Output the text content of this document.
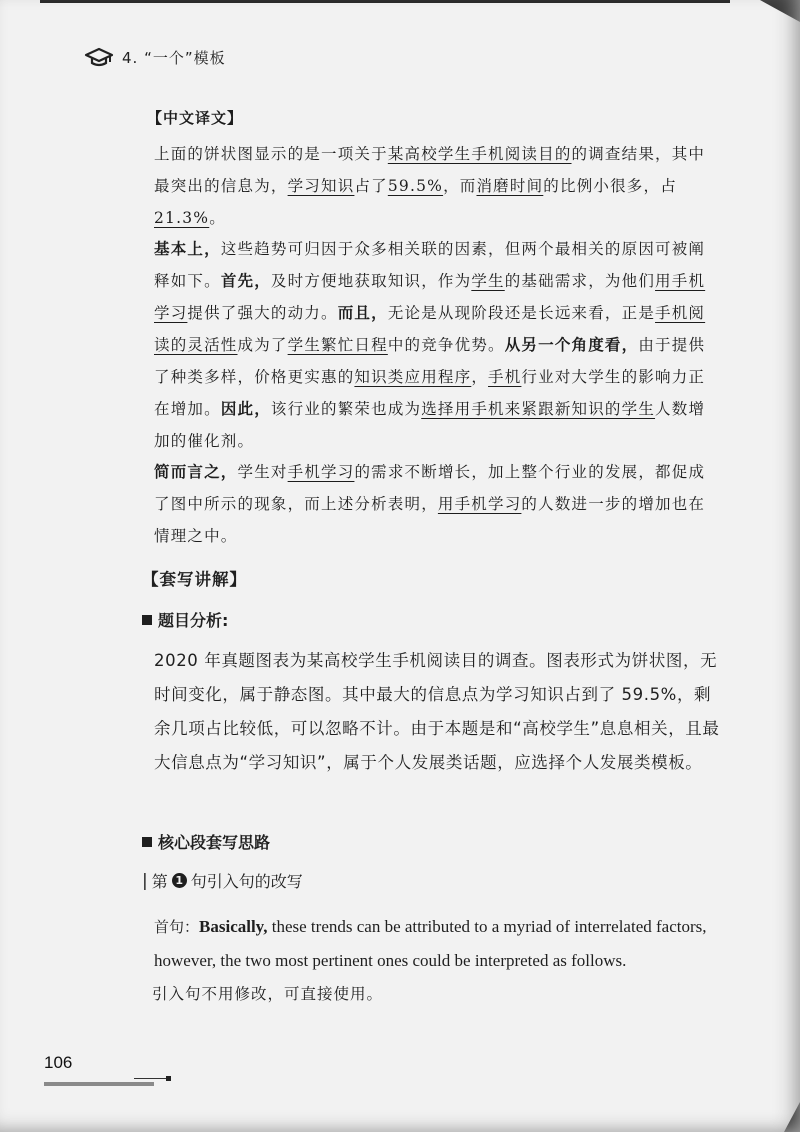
4. “一个”模板
【中文译文】

上面的饼状图显示的是一项关于某高校学生手机阅读目的的调查结果，其中最突出的信息为，学习知识占了59.5%，而消磨时间的比例小很多，占21.3%。

基本上，这些趋势可归因于众多相关联的因素，但两个最相关的原因可被阐释如下。首先，及时方便地获取知识，作为学生的基础需求，为他们用手机学习提供了强大的动力。而且，无论是从现阶段还是长远来看，正是手机阅读的灵活性成为了学生繁忙日程中的竞争优势。从另一个角度看，由于提供了种类多样，价格更实惠的知识类应用程序，手机行业对大学生的影响力正在增加。因此，该行业的繁荣也成为选择用手机来紧跟新知识的学生人数增加的催化剂。

简而言之，学生对手机学习的需求不断增长，加上整个行业的发展，都促成了图中所示的现象，而上述分析表明，用手机学习的人数进一步的增加也在情理之中。

【套写讲解】
题目分析:

2020 年真题图表为某高校学生手机阅读目的调查。图表形式为饼状图，无时间变化，属于静态图。其中最大的信息点为学习知识占到了 59.5%，剩余几项占比较低，可以忽略不计。由于本题是和“高校学生”息息相关，且最大信息点为“学习知识”，属于个人发展类话题，应选择个人发展类模板。

核心段套写思路
| 第 1 句引入句的改写

首句：Basically, these trends can be attributed to a myriad of interrelated factors, however, the two most pertinent ones could be interpreted as follows.

引入句不用修改，可直接使用。
106
